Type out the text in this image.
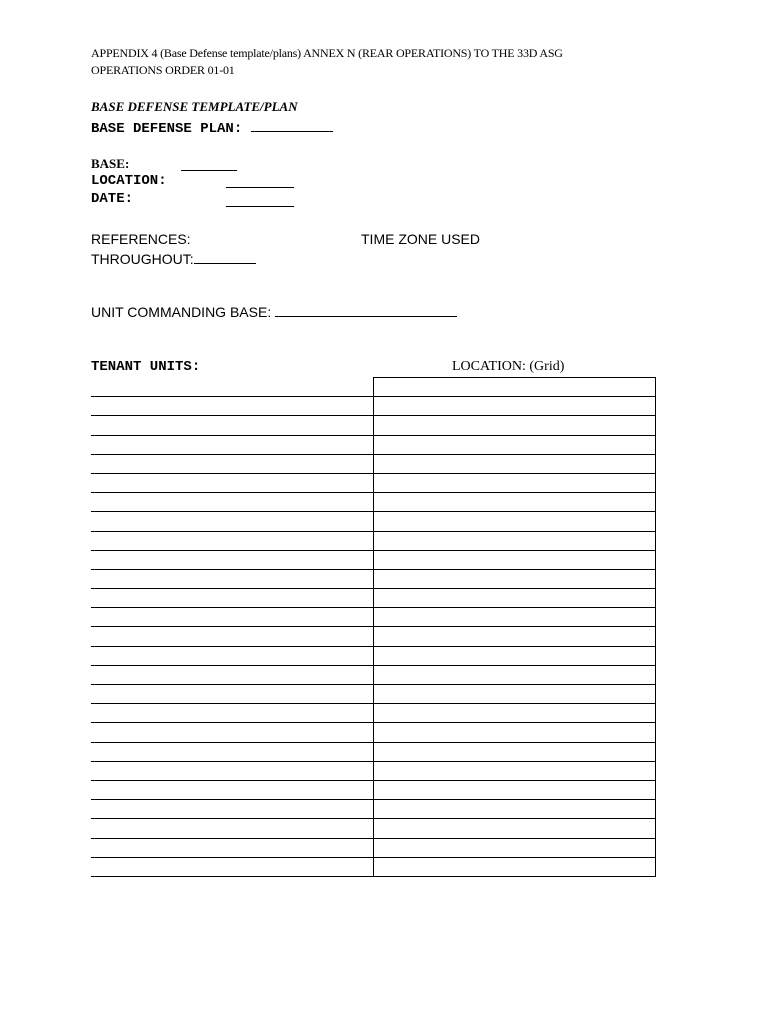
APPENDIX 4 (Base Defense template/plans) ANNEX N (REAR OPERATIONS) TO THE 33D ASG
OPERATIONS ORDER 01-01
BASE DEFENSE TEMPLATE/PLAN
BASE DEFENSE PLAN:
BASE:
LOCATION:
DATE:
REFERENCES:	TIME ZONE USED
THROUGHOUT:
UNIT COMMANDING BASE:
TENANT UNITS:	LOCATION: (Grid)
